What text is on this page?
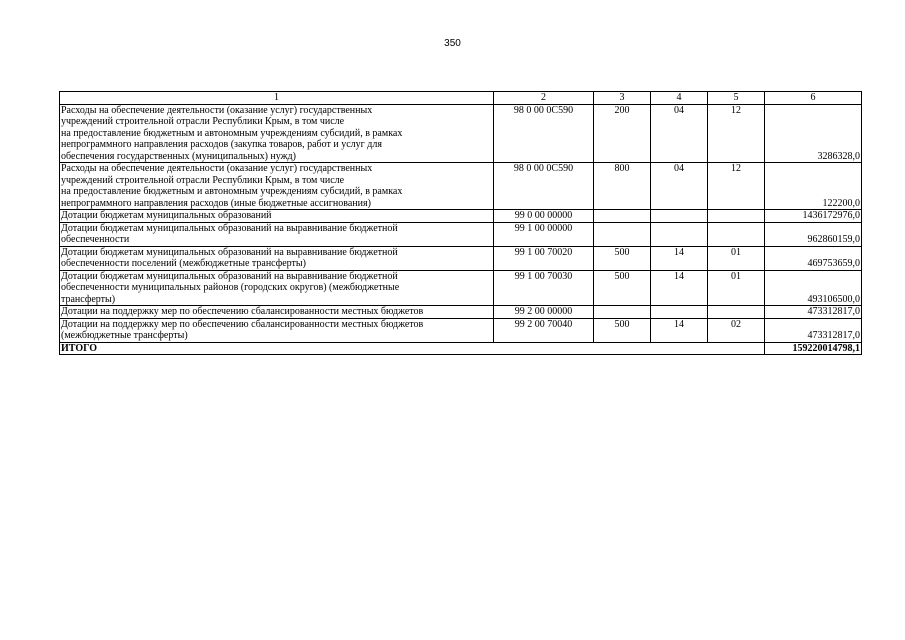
350
1	2	3	4	5	6

Расходы на обеспечение деятельности (оказание услуг) государственных
учреждений строительной отрасли Республики Крым, в том числе
на предоставление бюджетным и автономным учреждениям субсидий, в рамках
непрограммного направления расходов (закупка товаров, работ и услуг для
обеспечения государственных (муниципальных) нужд)	98 0 00 0С590	200	04	12	3286328,0

Расходы на обеспечение деятельности (оказание услуг) государственных
учреждений строительной отрасли Республики Крым, в том числе
на предоставление бюджетным и автономным учреждениям субсидий, в рамках
непрограммного направления расходов (иные бюджетные ассигнования)	98 0 00 0С590	800	04	12	122200,0

Дотации бюджетам муниципальных образований	99 0 00 00000				1436172976,0

Дотации бюджетам муниципальных образований на выравнивание бюджетной
обеспеченности	99 1 00 00000				962860159,0

Дотации бюджетам муниципальных образований на выравнивание бюджетной
обеспеченности поселений (межбюджетные трансферты)	99 1 00 70020	500	14	01	469753659,0

Дотации бюджетам муниципальных образований на выравнивание бюджетной
обеспеченности муниципальных районов (городских округов) (межбюджетные
трансферты)	99 1 00 70030	500	14	01	493106500,0

Дотации на поддержку мер по обеспечению сбалансированности местных бюджетов	99 2 00 00000				473312817,0

Дотации на поддержку мер по обеспечению сбалансированности местных бюджетов
(межбюджетные трансферты)	99 2 00 70040	500	14	02	473312817,0
ИТОГО					159220014798,1
